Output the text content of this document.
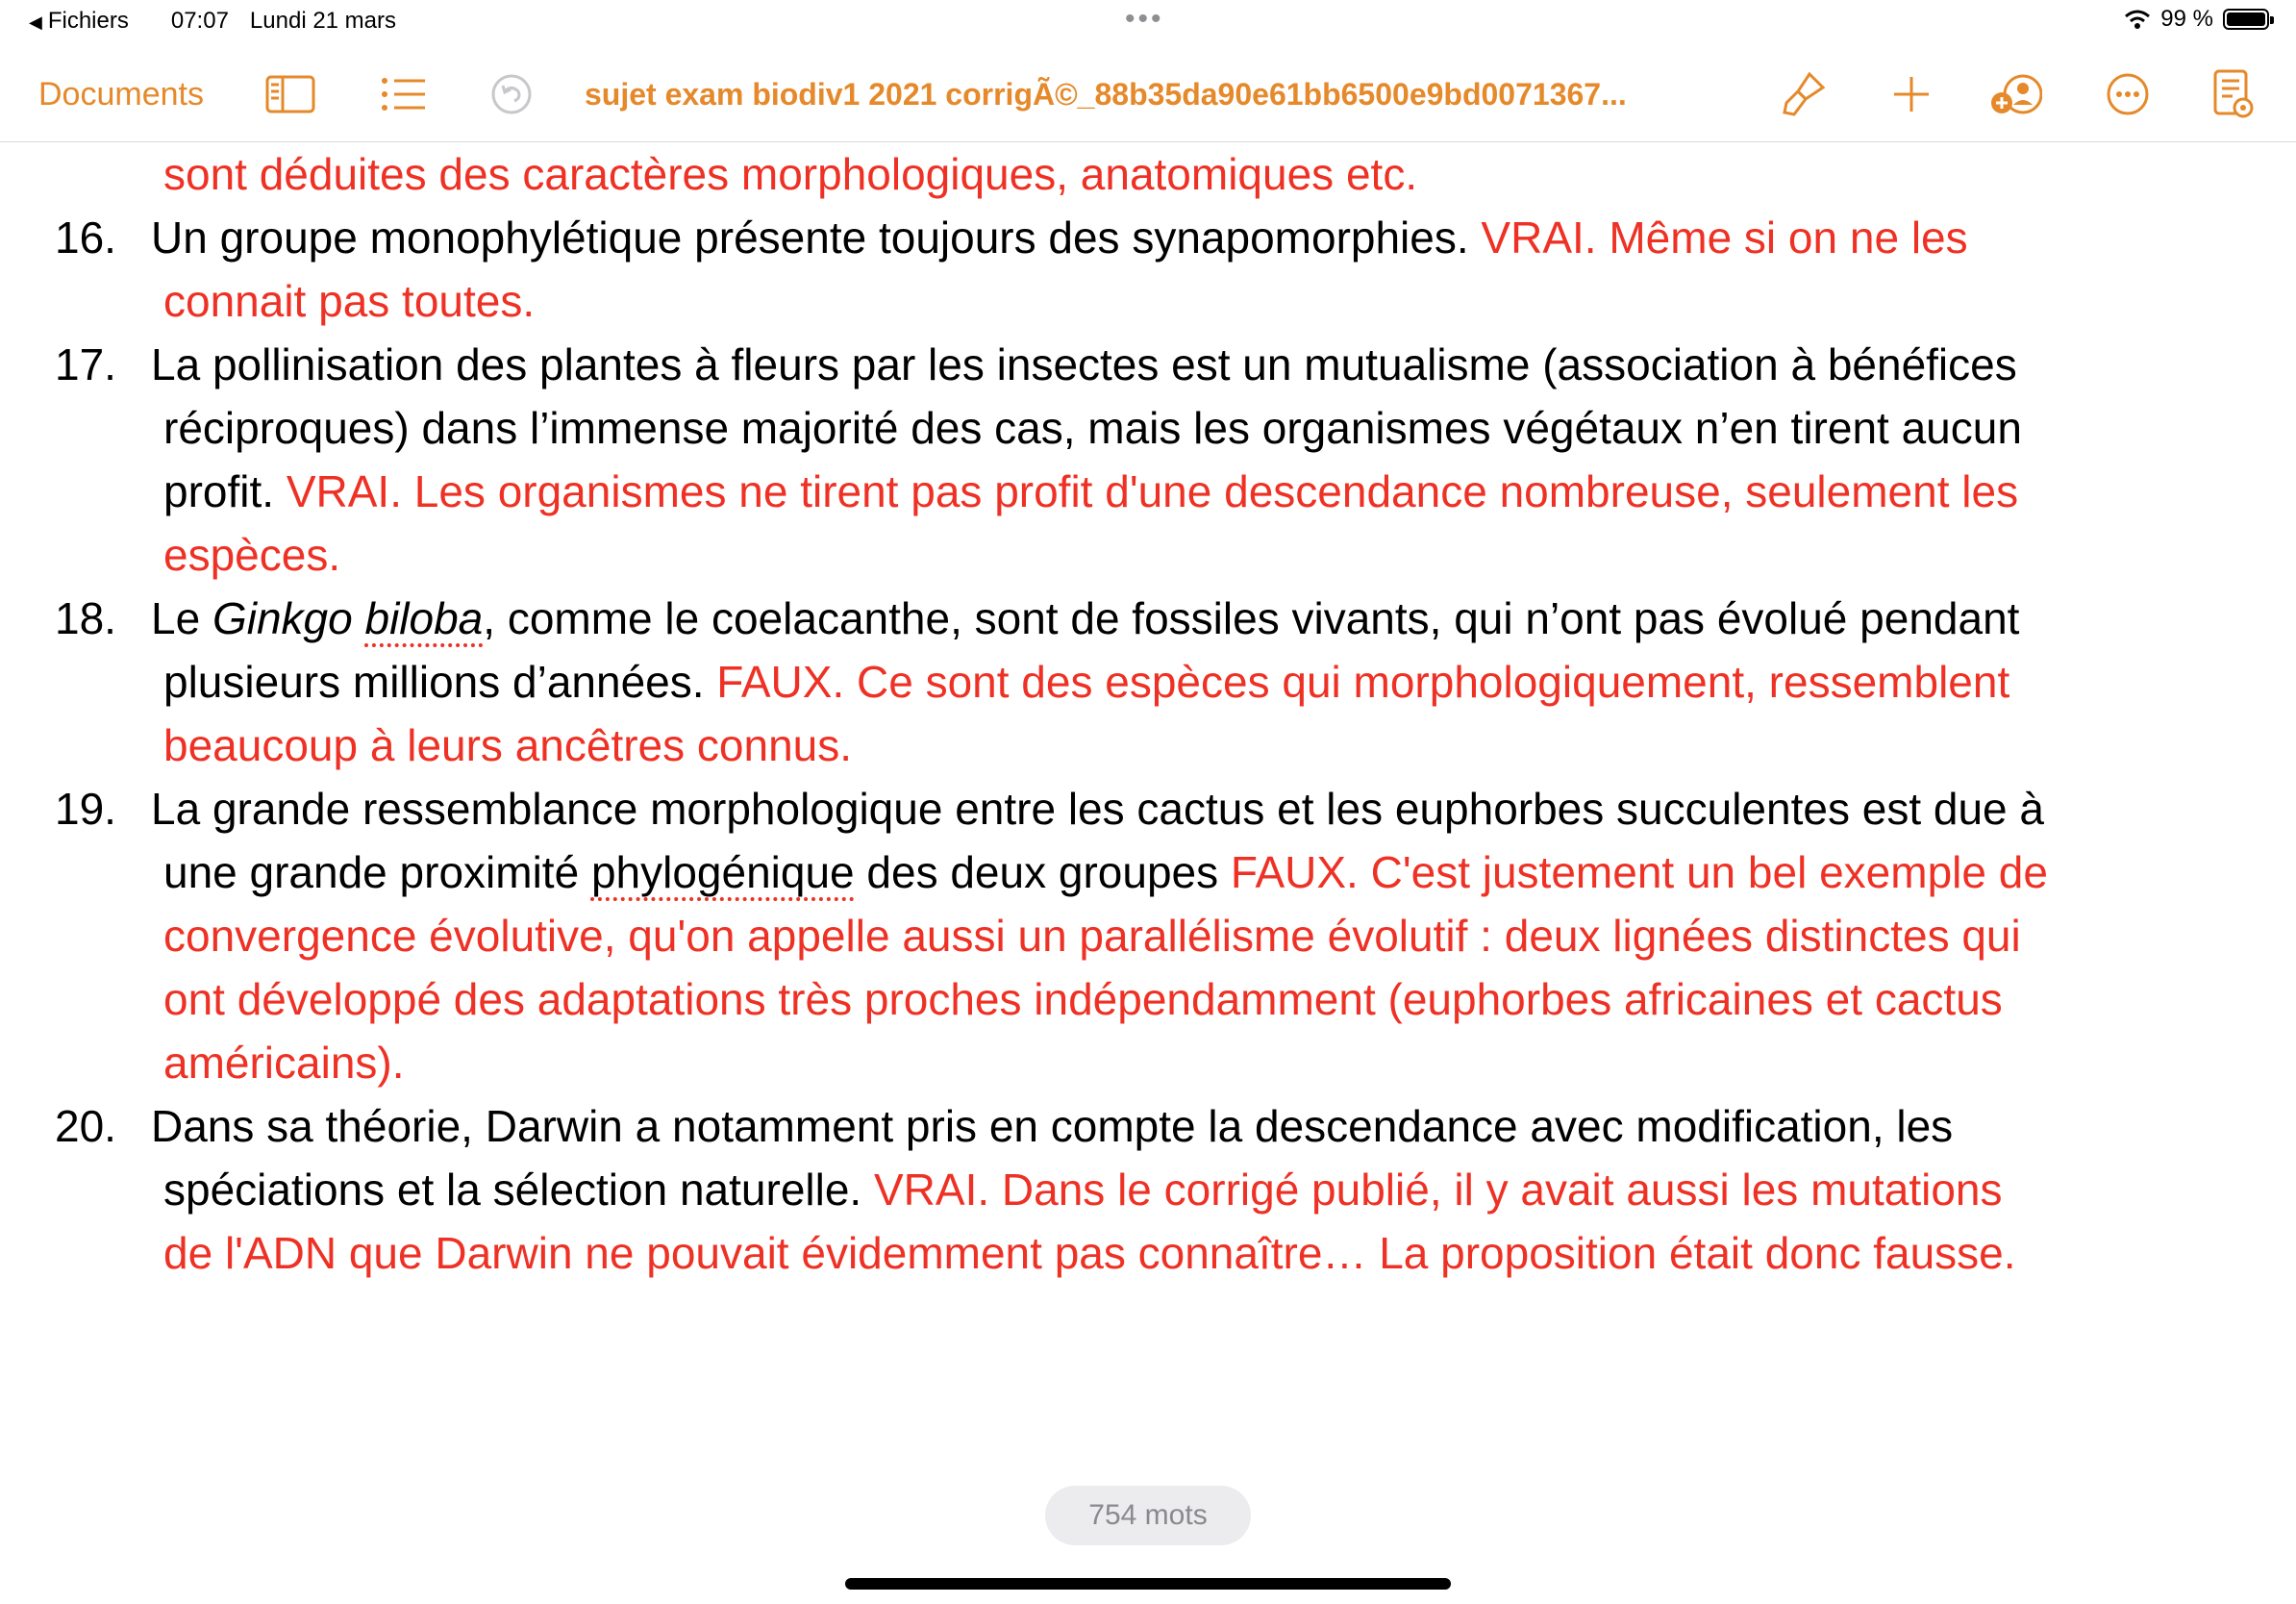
◀ Fichiers 07:07 Lundi 21 mars	•••	99 %
Documents	sujet exam biodiv1 2021 corrigÃ©_88b35da90e61bb6500e9bd0071367...
sont déduites des caractères morphologiques, anatomiques etc.
16. Un groupe monophylétique présente toujours des synapomorphies. VRAI. Même si on ne les
connait pas toutes.
17. La pollinisation des plantes à fleurs par les insectes est un mutualisme (association à bénéfices
réciproques) dans l’immense majorité des cas, mais les organismes végétaux n’en tirent aucun
profit. VRAI. Les organismes ne tirent pas profit d'une descendance nombreuse, seulement les
espèces.
18. Le Ginkgo biloba, comme le coelacanthe, sont de fossiles vivants, qui n’ont pas évolué pendant
plusieurs millions d’années. FAUX. Ce sont des espèces qui morphologiquement, ressemblent
beaucoup à leurs ancêtres connus.
19. La grande ressemblance morphologique entre les cactus et les euphorbes succulentes est due à
une grande proximité phylogénique des deux groupes FAUX. C'est justement un bel exemple de
convergence évolutive, qu'on appelle aussi un parallélisme évolutif : deux lignées distinctes qui
ont développé des adaptations très proches indépendamment (euphorbes africaines et cactus
américains).
20. Dans sa théorie, Darwin a notamment pris en compte la descendance avec modification, les
spéciations et la sélection naturelle. VRAI. Dans le corrigé publié, il y avait aussi les mutations
de l'ADN que Darwin ne pouvait évidemment pas connaître… La proposition était donc fausse.
754 mots
